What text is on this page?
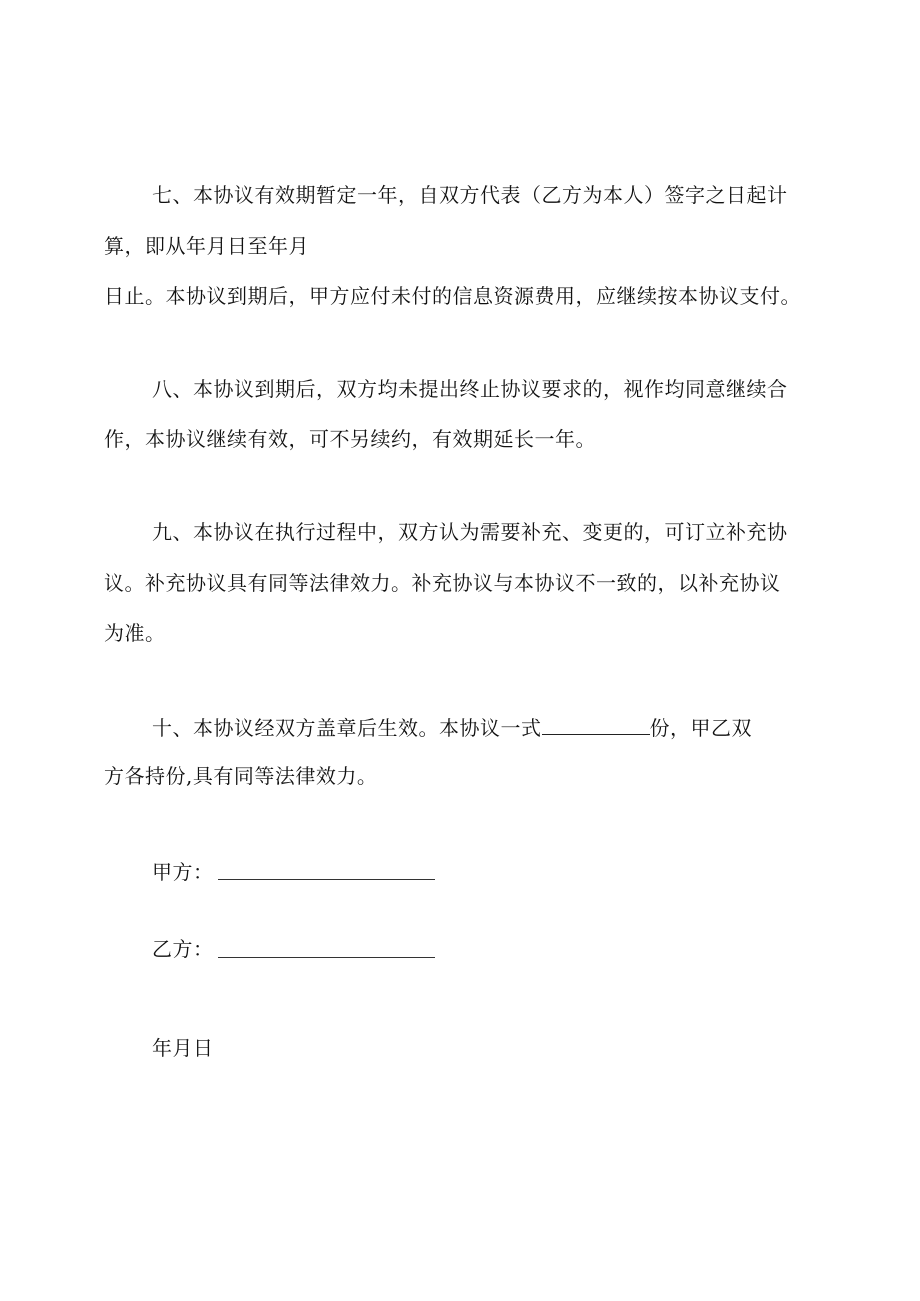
七、本协议有效期暂定一年，自双方代表（乙方为本人）签字之日起计
算，即从年月日至年月
日止。本协议到期后，甲方应付未付的信息资源费用，应继续按本协议支付。
八、本协议到期后，双方均未提出终止协议要求的，视作均同意继续合
作，本协议继续有效，可不另续约，有效期延长一年。
九、本协议在执行过程中，双方认为需要补充、变更的，可订立补充协
议。补充协议具有同等法律效力。补充协议与本协议不一致的，以补充协议
为准。
十、本协议经双方盖章后生效。本协议一式	份，甲乙双
方各持份,具有同等法律效力。
甲方：
乙方：
年月日
